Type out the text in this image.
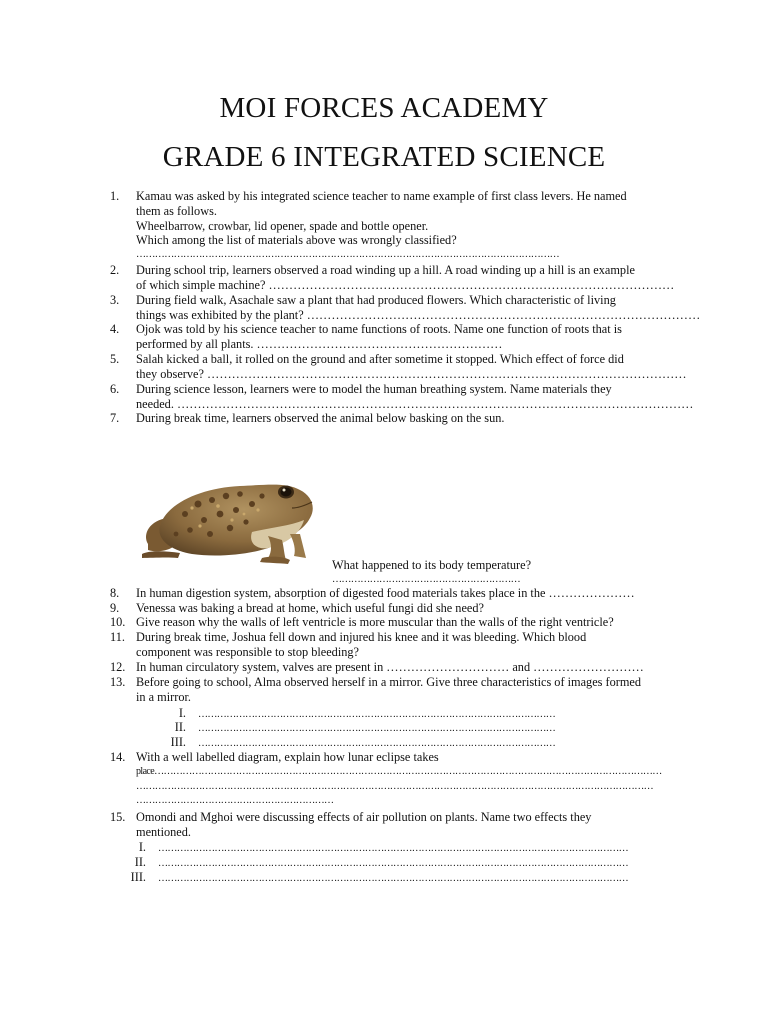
MOI FORCES ACADEMY
GRADE 6 INTEGRATED SCIENCE
1.	Kamau was asked by his integrated science teacher to name example of first class levers. He named
them as follows.
Wheelbarrow, crowbar, lid opener, spade and bottle opener.
Which among the list of materials above was wrongly classified?
………………………………………………………………………………………………………………………
2.	During school trip, learners observed a road winding up a hill. A road winding up a hill is an example
of which simple machine? ………………………………………………………………………………………
3.	During field walk, Asachale saw a plant that had produced flowers. Which characteristic of living
things was exhibited by the plant? ……………………………………………………………………………………
4.	Ojok was told by his science teacher to name functions of roots. Name one function of roots that is
performed by all plants. ……………………………………………………
5.	Salah kicked a ball, it rolled on the ground and after sometime it stopped. Which effect of force did
they observe? ………………………………………………………………………………………………………
6.	During science lesson, learners were to model the human breathing system. Name materials they
needed. ………………………………………………………………………………………………………………
7.	During break time, learners observed the animal below basking on the sun.
What happened to its body temperature?
……………………………………………………
8.	In human digestion system, absorption of digested food materials takes place in the …………………
9.	Venessa was baking a bread at home, which useful fungi did she need?
10. Give reason why the walls of left ventricle is more muscular than the walls of the right ventricle?
11. During break time, Joshua fell down and injured his knee and it was bleeding. Which blood
component was responsible to stop bleeding?
12. In human circulatory system, valves are present in ………………………… and ………………………
13. Before going to school, Alma observed herself in a mirror. Give three characteristics of images formed
in a mirror.
I. ……………………………………………………………………………………………………
II. ……………………………………………………………………………………………………
III. ……………………………………………………………………………………………………
14. With a well labelled diagram, explain how lunar eclipse takes
place………………………………………………………………………………………………………………………………………………
…………………………………………………………………………………………………………………………………………………
………………………………………………………
15. Omondi and Mghoi were discussing effects of air pollution on plants. Name two effects they
mentioned.
I. ……………………………………………………………………………………………………………………………………
II. ……………………………………………………………………………………………………………………………………
III. ……………………………………………………………………………………………………………………………………
